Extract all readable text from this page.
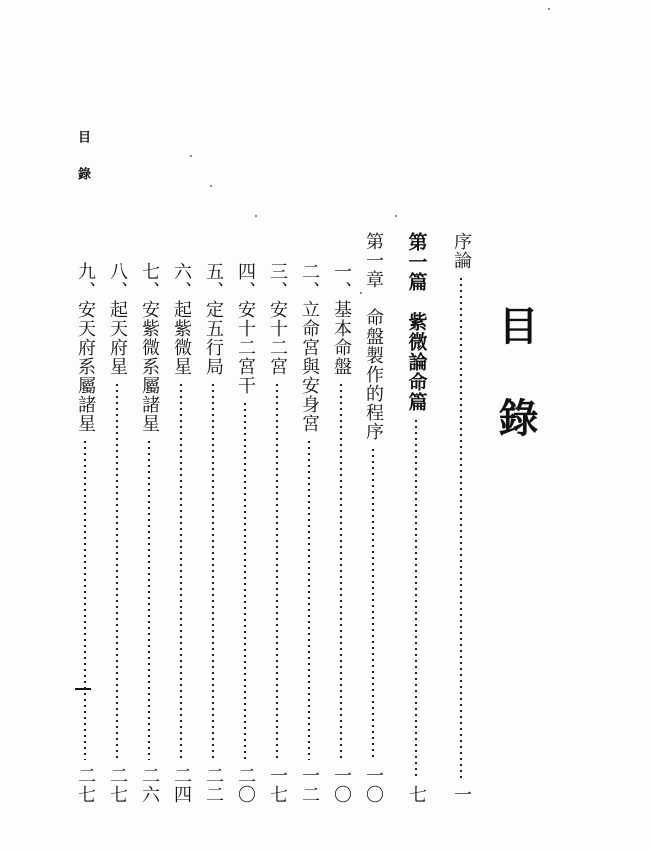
目錄
目錄
序論
一
第一篇　紫微論命篇
七
第一章　命盤製作的程序
一〇
一、基本命盤
一〇
二、立命宮與安身宮
一二
三、安十二宮
一七
四、安十二宮干
二〇
五、定五行局
二二
六、起紫微星
二四
七、安紫微系屬諸星
二六
八、起天府星
二七
九、安天府系屬諸星
二七
